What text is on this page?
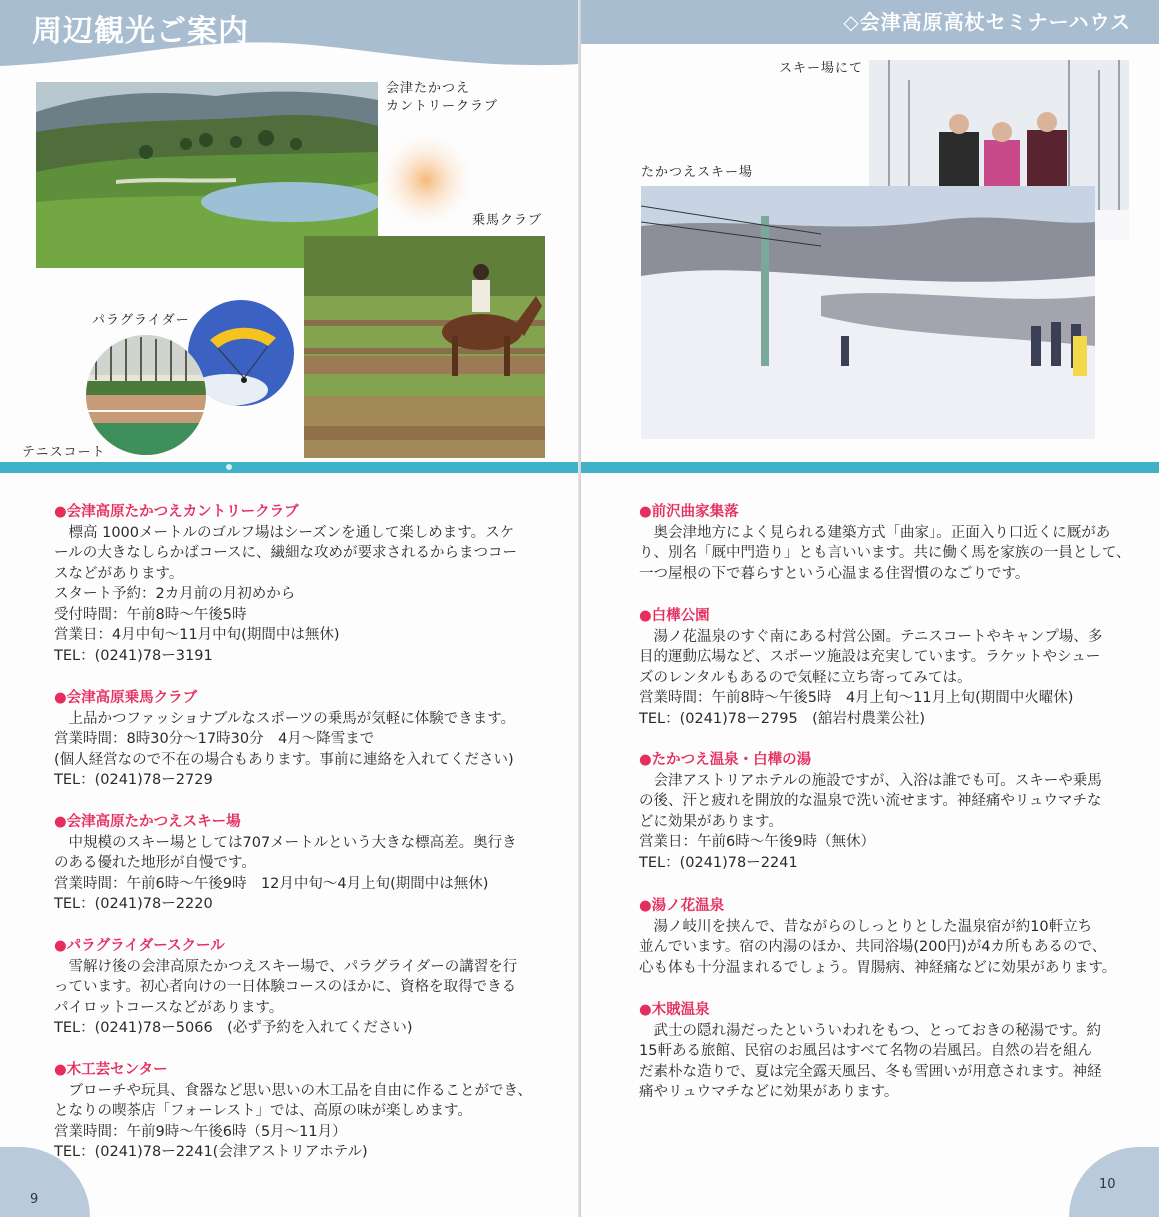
周辺観光ご案内
会津たかつえ
カントリークラブ
乗馬クラブ
パラグライダー
テニスコート
●会津高原たかつえカントリークラブ
　標高 1000メートルのゴルフ場はシーズンを通して楽しめます。スケ
ールの大きなしらかばコースに、繊細な攻めが要求されるからまつコー
スなどがあります。
スタート予約：2カ月前の月初めから
受付時間：午前8時〜午後5時
営業日：4月中旬〜11月中旬(期間中は無休)
TEL：(0241)78ー3191
●会津高原乗馬クラブ
　上品かつファッショナブルなスポーツの乗馬が気軽に体験できます。
営業時間：8時30分〜17時30分　4月〜降雪まで
(個人経営なので不在の場合もあります。事前に連絡を入れてください)
TEL：(0241)78ー2729
●会津高原たかつえスキー場
　中規模のスキー場としては707メートルという大きな標高差。奥行き
のある優れた地形が自慢です。
営業時間：午前6時〜午後9時　12月中旬〜4月上旬(期間中は無休)
TEL：(0241)78ー2220
●パラグライダースクール
　雪解け後の会津高原たかつえスキー場で、パラグライダーの講習を行
っています。初心者向けの一日体験コースのほかに、資格を取得できる
パイロットコースなどがあります。
TEL：(0241)78ー5066　(必ず予約を入れてください)
●木工芸センター
　ブローチや玩具、食器など思い思いの木工品を自由に作ることができ、
となりの喫茶店「フォーレスト」では、高原の味が楽しめます。
営業時間：午前9時〜午後6時（5月〜11月）
TEL：(0241)78ー2241(会津アストリアホテル)
9
◇会津高原高杖セミナーハウス
スキー場にて
たかつえスキー場
●前沢曲家集落
　奥会津地方によく見られる建築方式「曲家」。正面入り口近くに厩があ
り、別名「厩中門造り」とも言いいます。共に働く馬を家族の一員として、
一つ屋根の下で暮らすという心温まる住習慣のなごりです。
●白樺公園
　湯ノ花温泉のすぐ南にある村営公園。テニスコートやキャンプ場、多
目的運動広場など、スポーツ施設は充実しています。ラケットやシュー
ズのレンタルもあるので気軽に立ち寄ってみては。
営業時間：午前8時〜午後5時　4月上旬〜11月上旬(期間中火曜休)
TEL：(0241)78ー2795　(舘岩村農業公社)
●たかつえ温泉・白樺の湯
　会津アストリアホテルの施設ですが、入浴は誰でも可。スキーや乗馬
の後、汗と疲れを開放的な温泉で洗い流せます。神経痛やリュウマチな
どに効果があります。
営業日：午前6時〜午後9時（無休）
TEL：(0241)78ー2241
●湯ノ花温泉
　湯ノ岐川を挟んで、昔ながらのしっとりとした温泉宿が約10軒立ち
並んでいます。宿の内湯のほか、共同浴場(200円)が4カ所もあるので、
心も体も十分温まれるでしょう。胃腸病、神経痛などに効果があります。
●木賊温泉
　武士の隠れ湯だったといういわれをもつ、とっておきの秘湯です。約
15軒ある旅館、民宿のお風呂はすべて名物の岩風呂。自然の岩を組ん
だ素朴な造りで、夏は完全露天風呂、冬も雪囲いが用意されます。神経
痛やリュウマチなどに効果があります。
10
